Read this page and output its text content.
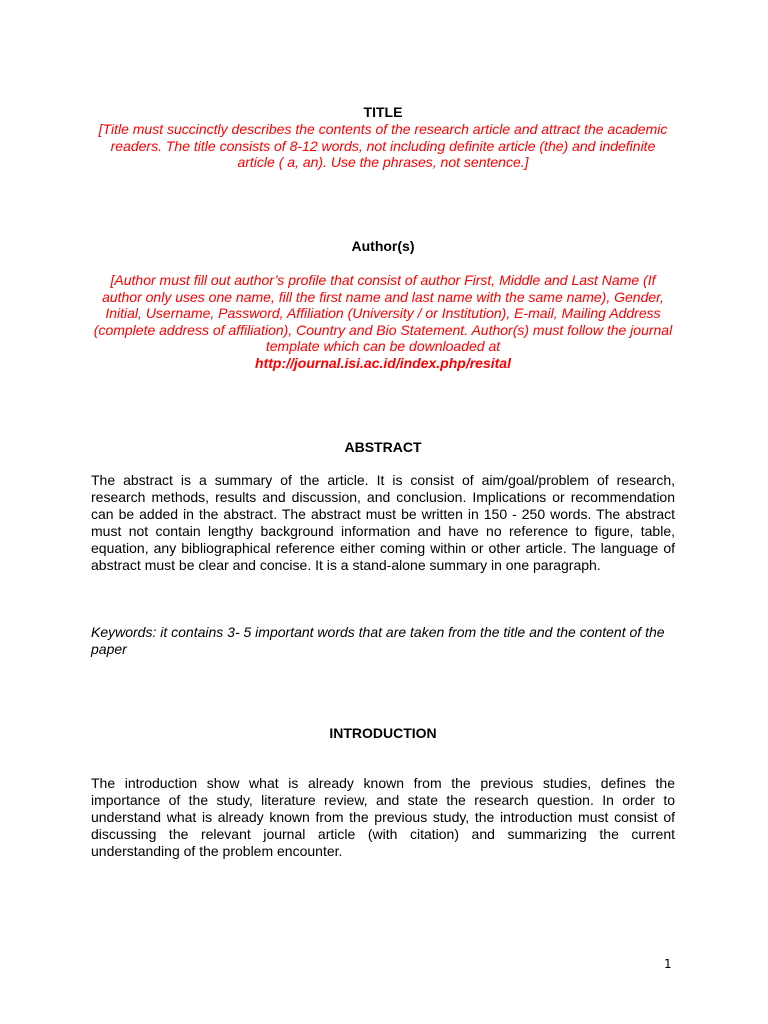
TITLE
[Title must succinctly describes the contents of the research article and attract the academic readers. The title consists of 8-12 words, not including definite article (the) and indefinite article ( a, an). Use the phrases, not sentence.]
Author(s)
[Author must fill out author’s profile that consist of author First, Middle and Last Name (If author only uses one name, fill the first name and last name with the same name), Gender, Initial, Username, Password, Affiliation (University / or Institution), E-mail, Mailing Address (complete address of affiliation), Country and Bio Statement. Author(s) must follow the journal template which can be downloaded at
http://journal.isi.ac.id/index.php/resital
ABSTRACT
The abstract is a summary of the article. It is consist of aim/goal/problem of research, research methods, results and discussion, and conclusion. Implications or recommendation can be added in the abstract. The abstract must be written in 150 - 250 words. The abstract must not contain lengthy background information and have no reference to figure, table, equation, any bibliographical reference either coming within or other article. The language of abstract must be clear and concise. It is a stand-alone summary in one paragraph.
Keywords: it contains 3- 5 important words that are taken from the title and the content of the paper
INTRODUCTION
The introduction show what is already known from the previous studies, defines the importance of the study, literature review, and state the research question. In order to understand what is already known from the previous study, the introduction must consist of discussing the relevant journal article (with citation) and summarizing the current understanding of the problem encounter.
1
